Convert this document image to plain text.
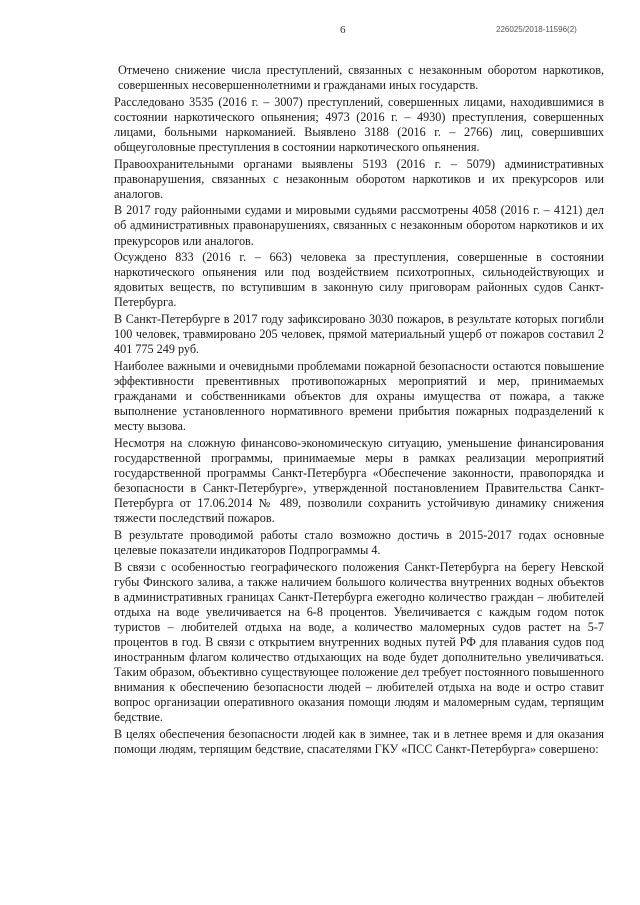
6	226025/2018-11596(2)

Отмечено снижение числа преступлений, связанных с незаконным оборотом наркотиков, совершенных несовершеннолетними и гражданами иных государств.

Расследовано 3535 (2016 г. – 3007) преступлений, совершенных лицами, находившимися в состоянии наркотического опьянения; 4973 (2016 г. – 4930) преступления, совершенных лицами, больными наркоманией. Выявлено 3188 (2016 г. – 2766) лиц, совершивших общеуголовные преступления в состоянии наркотического опьянения.

Правоохранительными органами выявлены 5193 (2016 г. – 5079) административных правонарушения, связанных с незаконным оборотом наркотиков и их прекурсоров или аналогов.

В 2017 году районными судами и мировыми судьями рассмотрены 4058 (2016 г. – 4121) дел об административных правонарушениях, связанных с незаконным оборотом наркотиков и их прекурсоров или аналогов.

Осуждено 833 (2016 г. – 663) человека за преступления, совершенные в состоянии наркотического опьянения или под воздействием психотропных, сильнодействующих и ядовитых веществ, по вступившим в законную силу приговорам районных судов Санкт-Петербурга.

В Санкт-Петербурге в 2017 году зафиксировано 3030 пожаров, в результате которых погибли 100 человек, травмировано 205 человек, прямой материальный ущерб от пожаров составил 2 401 775 249 руб.

Наиболее важными и очевидными проблемами пожарной безопасности остаются повышение эффективности превентивных противопожарных мероприятий и мер, принимаемых гражданами и собственниками объектов для охраны имущества от пожара, а также выполнение установленного нормативного времени прибытия пожарных подразделений к месту вызова.

Несмотря на сложную финансово-экономическую ситуацию, уменьшение финансирования государственной программы, принимаемые меры в рамках реализации мероприятий государственной программы Санкт-Петербурга «Обеспечение законности, правопорядка и безопасности в Санкт-Петербурге», утвержденной постановлением Правительства Санкт-Петербурга от 17.06.2014 № 489, позволили сохранить устойчивую динамику снижения тяжести последствий пожаров.

В результате проводимой работы стало возможно достичь в 2015-2017 годах основные целевые показатели индикаторов Подпрограммы 4.

В связи с особенностью географического положения Санкт-Петербурга на берегу Невской губы Финского залива, а также наличием большого количества внутренних водных объектов в административных границах Санкт-Петербурга ежегодно количество граждан – любителей отдыха на воде увеличивается на 6-8 процентов. Увеличивается с каждым годом поток туристов – любителей отдыха на воде, а количество маломерных судов растет на 5-7 процентов в год. В связи с открытием внутренних водных путей РФ для плавания судов под иностранным флагом количество отдыхающих на воде будет дополнительно увеличиваться. Таким образом, объективно существующее положение дел требует постоянного повышенного внимания к обеспечению безопасности людей – любителей отдыха на воде и остро ставит вопрос организации оперативного оказания помощи людям и маломерным судам, терпящим бедствие.

В целях обеспечения безопасности людей как в зимнее, так и в летнее время и для оказания помощи людям, терпящим бедствие, спасателями ГКУ «ПСС Санкт-Петербурга» совершено:
